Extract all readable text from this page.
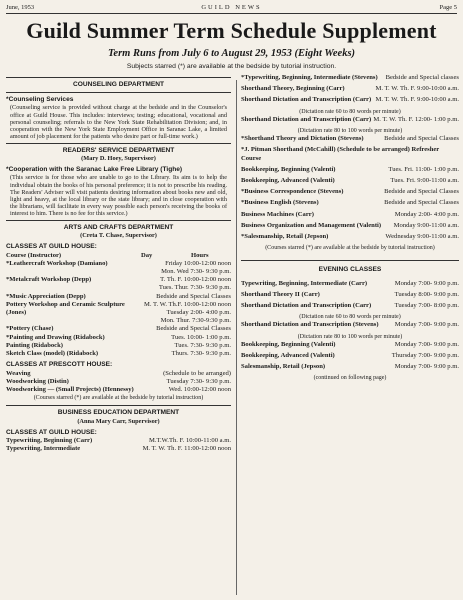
June, 1953	GUILD NEWS	Page 5
Guild Summer Term Schedule Supplement
Term Runs from July 6 to August 29, 1953 (Eight Weeks)
Subjects starred (*) are available at the bedside by tutorial instruction.
COUNSELING DEPARTMENT
*Counseling Services
(Counseling service is provided without charge at the bedside and in the Counselor's office at Guild House. This includes: interviews; testing; educational, vocational and personal counseling; referrals to the New York State Rehabilitation Division; and, in cooperation with the New York State Employment Office in Saranac Lake, a limited amount of job placement for the patients who desire part or full-time work.)
READERS' SERVICE DEPARTMENT
(Mary D. Hoey, Supervisor)
*Cooperation with the Saranac Lake Free Library (Tighe)
(This service is for those who are unable to go to the Library. Its aim is to help the individual obtain the books of his personal preference; it is not to prescribe his reading. The Readers' Adviser will visit patients desiring information about books new and old, light and heavy, at the local library or the state library; and in close cooperation with the librarians, will facilitate in every way possible each person's receiving the books of interest to him. There is no fee for this service.)
ARTS AND CRAFTS DEPARTMENT
(Creta T. Chase, Supervisor)
CLASSES AT GUILD HOUSE:
Course (Instructor)	Day	Hours
*Leathercraft Workshop (Damiano)	Friday 10:00-12:00 noon
Mon. Wed 7:30- 9:30 p.m.
*Metalcraft Workshop (Depp)	T. Th. F. 10:00-12:00 noon
Tues. Thur. 7:30- 9:30 p.m.
*Music Appreciation (Depp)	Bedside and Special Classes
Pottery Workshop and Ceramic Sculpture (Jones)
M. T. W. Th.F. 10:00-12:00 noon
Tuesday 2:00- 4:00 p.m.
Mon. Thur. 7:30-9:30 p.m.
*Pottery (Chase)	Bedside and Special Classes
*Painting and Drawing (Ridabock)	Tues. 10:00- 1:00 p.m.
Painting (Ridabock)	Tues. 7:30- 9:30 p.m.
Sketch Class (model) (Ridabock)	Thurs. 7:30- 9:30 p.m.
CLASSES AT PRESCOTT HOUSE:
Weaving	(Schedule to be arranged)
Woodworking (Distin)	Tuesday 7:30- 9:30 p.m.
Woodworking — (Small Projects) (Hennessy)	Wed. 10:00-12:00 noon
(Courses starred (*) are available at the bedside by tutorial instruction)
BUSINESS EDUCATION DEPARTMENT
(Anna Mary Carr, Supervisor)
CLASSES AT GUILD HOUSE:
Typewriting, Beginning (Carr)	M.T.W.Th. F. 10:00-11:00 a.m.
Typewriting, Intermediate	M. T. W. Th. F. 11:00-12:00 noon
*Typewriting, Beginning, Intermediate (Stevens)	Bedside and Special classes
Shorthand Theory, Beginning (Carr)	M. T. W. Th. F. 9:00-10:00 a.m.
Shorthand Dictation and Transcription (Carr) M. T. W. Th. F. 9:00-10:00 a.m.
(Dictation rate 60 to 80 words per minute)
Shorthand Dictation and Transcription (Carr) M. T. W. Th. F. 12:00- 1:00 p.m.
(Dictation rate 80 to 100 words per minute)
*Shorthand Theory and Dictation (Stevens)	Bedside and Special Classes
*J. Pitman Shorthand (McCahill) (Schedule to be arranged) Refresher Course
Bookkeeping, Beginning (Valenti)	Tues. Fri. 11:00- 1:00 p.m.
Bookkeeping, Advanced (Valenti)	Tues. Fri. 9:00-11:00 a.m.
*Business Correspondence (Stevens)	Bedside and Special Classes
*Business English (Stevens)	Bedside and Special Classes
Business Machines (Carr)	Monday 2:00- 4:00 p.m.
Business Organization and Management (Valenti)	Monday 9:00-11:00 a.m.
*Salesmanship, Retail (Jepson)	Wednesday 9:00-11:00 a.m.
(Courses starred (*) are available at the bedside by tutorial instruction)
EVENING CLASSES
Typewriting, Beginning, Intermediate (Carr)	Monday 7:00- 9:00 p.m.
Shorthand Theory II (Carr)	Tuesday 8:00- 9:00 p.m.
Shorthand Dictation and Transcription (Carr)	Tuesday 7:00- 8:00 p.m.
(Dictation rate 60 to 80 words per minute)
Shorthand Dictation and Transcription (Stevens)	Monday 7:00- 9:00 p.m.
(Dictation rate 80 to 100 words per minute)
Bookkeeping, Beginning (Valenti)	Monday 7:00- 9:00 p.m.
Bookkeeping, Advanced (Valenti)	Thursday 7:00- 9:00 p.m.
Salesmanship, Retail (Jepson)	Monday 7:00- 9:00 p.m.
(continued on following page)
